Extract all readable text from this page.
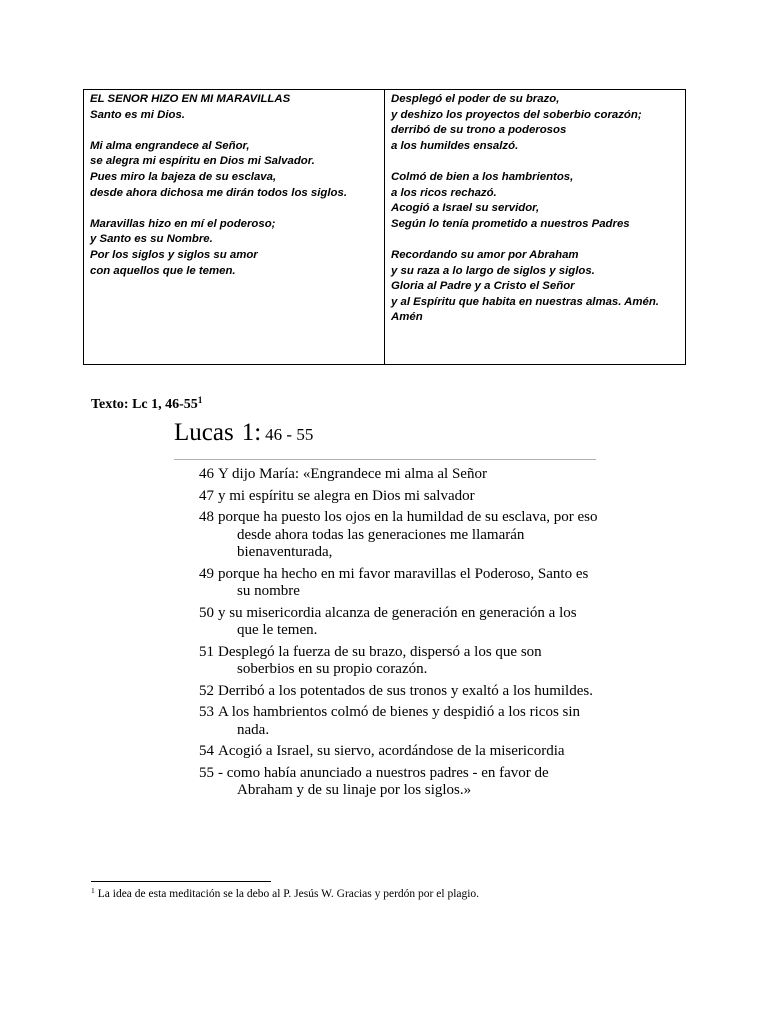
EL SENOR HIZO EN MI MARAVILLAS
Santo es mi Dios.
Mi alma engrandece al Señor,
se alegra mi espíritu en Dios mi Salvador.
Pues miro la bajeza de su esclava,
desde ahora dichosa me dirán todos los siglos.
Maravillas hizo en mí el poderoso;
y Santo es su Nombre.
Por los siglos y siglos su amor
con aquellos que le temen.
Desplegó el poder de su brazo,
y deshizo los proyectos del soberbio corazón;
derribó de su trono a poderosos
a los humildes ensalzó.
Colmó de bien a los hambrientos,
a los ricos rechazó.
Acogió a Israel su servidor,
Según lo tenía prometido a nuestros Padres
Recordando su amor por Abraham
y su raza a lo largo de siglos y siglos.
Gloria al Padre y a Cristo el Señor
y al Espíritu que habita en nuestras almas. Amén.
Amén
Texto: Lc 1, $46-55^1$
Lucas 1: 46 - 55
46 Y dijo María: «Engrandece mi alma al Señor
47 y mi espíritu se alegra en Dios mi salvador
48 porque ha puesto los ojos en la humildad de su esclava, por eso desde ahora todas las generaciones me llamarán bienaventurada,
49 porque ha hecho en mi favor maravillas el Poderoso, Santo es su nombre
50 y su misericordia alcanza de generación en generación a los que le temen.
51 Desplegó la fuerza de su brazo, dispersó a los que son soberbios en su propio corazón.
52 Derribó a los potentados de sus tronos y exaltó a los humildes.
53 A los hambrientos colmó de bienes y despidió a los ricos sin nada.
54 Acogió a Israel, su siervo, acordándose de la misericordia
55 - como había anunciado a nuestros padres - en favor de Abraham y de su linaje por los siglos.»
$^1$ La idea de esta meditación se la debo al P. Jesús W. Gracias y perdón por el plagio.
